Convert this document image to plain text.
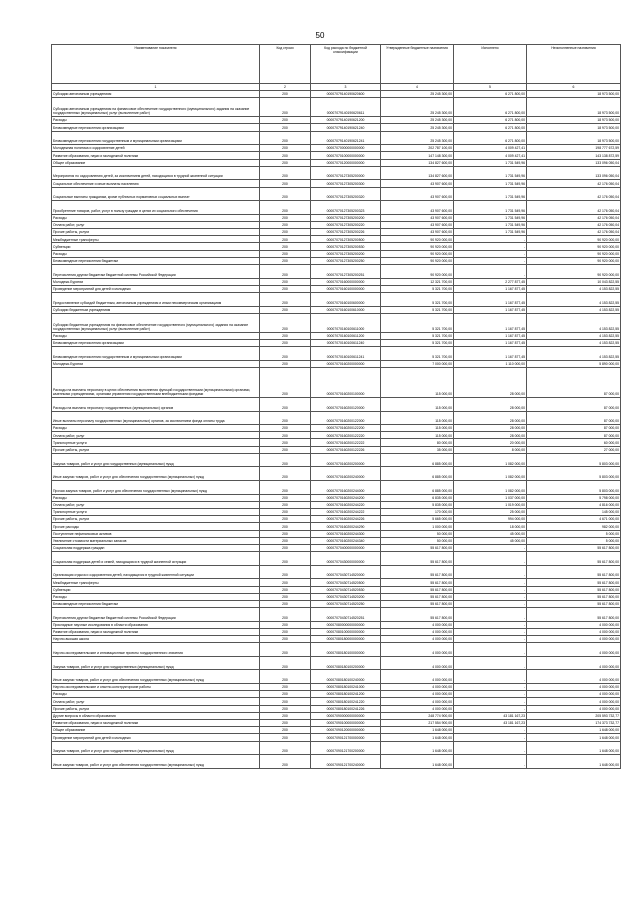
50
Наименование показателя	Код строки	Код расхода по бюджетной классификации	Утвержденные бюджетные назначения	Исполнено	Неисполненные назначения
1	2	3	4	5	6
Субсидии автономным учреждениям	200	00007079140190620600	25 245 300,00	6 271 800,00	18 973 500,00
Субсидии автономным учреждениям на финансовое обеспечение государственного (муниципального) задания на оказание государственных (муниципальных) услуг (выполнение работ)	200	00007079140190620611	25 245 300,00	6 271 800,00	18 973 500,00
Расходы	200	00007079140190621200	25 245 300,00	6 271 800,00	18 973 500,00
Безвозмездные перечисления организациям	200	00007079140190621240	25 245 300,00	6 271 800,00	18 973 500,00
Безвозмездные перечисления государственным и муниципальным организациям	200	00007079140190621241	25 245 300,00	6 271 800,00	18 973 500,00
Молодежная политика и оздоровление детей	200	00007070000000000000	202 787 100,00	4 009 427,41	198 777 672,59
Развитие образования, науки и молодежной политики	200	00007070100000000000	147 148 300,00	4 009 427,41	143 138 872,59
Общее образование	200	00007070120000000000	134 827 600,00	1 731 549,96	133 096 050,04
Мероприятия по оздоровлению детей, за исключением детей, находящихся в трудной жизненной ситуации	200	00007070127305200000	134 827 600,00	1 731 549,96	133 096 050,04
Социальное обеспечение и иные выплаты населению	200	00007070127305200300	43 907 600,00	1 731 549,96	42 176 050,04
Социальные выплаты гражданам, кроме публичных нормативных социальных выплат	200	00007070127305200320	43 907 600,00	1 731 549,96	42 176 050,04
Приобретение товаров, работ, услуг в пользу граждан в целях их социального обеспечения	200	00007070127305200323	43 907 600,00	1 731 549,96	42 176 050,04
Расходы	200	00007070127305200200	43 907 600,00	1 731 549,96	42 176 050,04
Оплата работ, услуг	200	00007070127305200220	43 907 600,00	1 731 549,96	42 176 050,04
Прочие работы, услуги	200	00007070127305200226	43 907 600,00	1 731 549,96	42 176 050,04
Межбюджетные трансферты	200	00007070127305200500	90 920 000,00	-	90 920 000,00
Субвенции	200	00007070127305200530	90 920 000,00	-	90 920 000,00
Расходы	200	00007070127305200200	90 920 000,00	-	90 920 000,00
Безвозмездные перечисления бюджетам	200	00007070127305200250	90 920 000,00	-	90 920 000,00
Перечисления другим бюджетам бюджетной системы Российской Федерации	200	00007070127305200251	90 920 000,00	-	90 920 000,00
Молодежь Бурятии	200	00007070160000000000	12 321 700,00	2 277 877,45	10 043 822,55
Проведение мероприятий для детей и молодежи	200	00007070160100000000	5 321 700,00	1 167 877,45	4 153 822,55
Предоставление субсидий бюджетным, автономным учреждениям и иным некоммерческим организациям	200	00007070160100600000	5 321 700,00	1 167 877,45	4 153 822,55
Субсидии бюджетным учреждениям	200	00007070160100610000	5 321 700,00	1 167 877,45	4 153 822,55
Субсидии бюджетным учреждениям на финансовое обеспечение государственного (муниципального) задания на оказание государственных (муниципальных) услуг (выполнение работ)	200	00007070160100611000	5 321 700,00	1 167 877,45	4 153 822,55
Расходы	200	00007070160100611200	5 321 700,00	1 167 877,45	4 153 822,55
Безвозмездные перечисления организациям	200	00007070160100611240	5 321 700,00	1 167 877,45	4 153 822,55
Безвозмездные перечисления государственным и муниципальным организациям	200	00007070160100611241	5 321 700,00	1 167 877,45	4 153 822,55
Молодежь Бурятии	200	00007070160200000000	7 000 000,00	1 110 000,00	5 890 000,00
Расходы на выплаты персоналу в целях обеспечения выполнения функций государственными (муниципальными) органами, казенными учреждениями, органами управления государственными внебюджетными фондами	200	00007070160200100000	115 000,00	28 000,00	87 000,00
Расходы на выплаты персоналу государственных (муниципальных) органов	200	00007070160200120000	115 000,00	28 000,00	87 000,00
Иные выплаты персоналу государственных (муниципальных) органов, за исключением фонда оплаты труда	200	00007070160200122000	115 000,00	28 000,00	87 000,00
Расходы	200	00007070160200122200	115 000,00	28 000,00	87 000,00
Оплата работ, услуг	200	00007070160200122220	115 000,00	28 000,00	87 000,00
Транспортные услуги	200	00007070160200122222	80 000,00	20 000,00	60 000,00
Прочие работы, услуги	200	00007070160200122226	35 000,00	8 000,00	27 000,00
Закупка товаров, работ и услуг для государственных (муниципальных) нужд	200	00007070160200200000	6 885 000,00	1 082 000,00	5 803 000,00
Иные закупки товаров, работ и услуг для обеспечения государственных (муниципальных) нужд	200	00007070160200240000	6 885 000,00	1 082 000,00	5 803 000,00
Прочая закупка товаров, работ и услуг для обеспечения государственных (муниципальных) нужд	200	00007070160200244000	6 885 000,00	1 082 000,00	5 803 000,00
Расходы	200	00007070160200244200	6 835 000,00	1 037 000,00	5 798 000,00
Оплата работ, услуг	200	00007070160200244220	5 835 000,00	1 019 000,00	4 816 000,00
Транспортные услуги	200	00007070160200244222	170 000,00	25 000,00	145 000,00
Прочие работы, услуги	200	00007070160200244226	5 665 000,00	994 000,00	4 671 000,00
Прочие расходы	200	00007070160200244290	1 000 000,00	18 000,00	982 000,00
Поступление нефинансовых активов	200	00007070160200244300	50 000,00	45 000,00	5 000,00
Увеличение стоимости материальных запасов	200	00007070160200244340	50 000,00	45 000,00	5 000,00
Социальная поддержка граждан	200	00007070400000000000	55 617 800,00	-	55 617 800,00
Социальная поддержка детей и семей, находящихся в трудной жизненной ситуации	200	00007070430000000000	55 617 800,00	-	55 617 800,00
Организация отдыха и оздоровления детей, находящихся в трудной жизненной ситуации	200	00007070430714520000	55 617 800,00	-	55 617 800,00
Межбюджетные трансферты	200	00007070430714520500	55 617 800,00	-	55 617 800,00
Субвенции	200	00007070430714520530	55 617 800,00	-	55 617 800,00
Расходы	200	00007070430714520200	55 617 800,00	-	55 617 800,00
Безвозмездные перечисления бюджетам	200	00007070430714520250	55 617 800,00	-	55 617 800,00
Перечисления другим бюджетам бюджетной системы Российской Федерации	200	00007070430714520251	55 617 800,00	-	55 617 800,00
Прикладные научные исследования в области образования	200	00007080000000000000	4 000 000,00	-	4 000 000,00
Развитие образования, науки и молодежной политики	200	00007080100000000000	4 000 000,00	-	4 000 000,00
Научно-высшая школа	200	00007080180000000000	4 000 000,00	-	4 000 000,00
Научно-исследовательские и инновационные проекты государственного значения	200	00007080180100000000	4 000 000,00	-	4 000 000,00
Закупка товаров, работ и услуг для государственных (муниципальных) нужд	200	00007080180100200000	4 000 000,00	-	4 000 000,00
Иные закупки товаров, работ и услуг для обеспечения государственных (муниципальных) нужд	200	00007080180100240000	4 000 000,00	-	4 000 000,00
Научно-исследовательские и опытно-конструкторские работы	200	00007080180100241000	4 000 000,00	-	4 000 000,00
Расходы	200	00007080180100241200	4 000 000,00	-	4 000 000,00
Оплата работ, услуг	200	00007080180100241220	4 000 000,00	-	4 000 000,00
Прочие работы, услуги	200	00007080180100241226	4 000 000,00	-	4 000 000,00
Другие вопросы в области образования	200	00007090000000000000	248 774 900,00	43 181 167,23	205 593 732,77
Развитие образования, науки и молодежной политики	200	00007090100000000000	217 554 900,00	43 181 167,23	174 373 732,77
Общее образование	200	00007090120000000000	1 648 000,00	-	1 648 000,00
Проведение мероприятий для детей и молодежи	200	00007090121700000000	1 648 000,00	-	1 648 000,00
Закупка товаров, работ и услуг для государственных (муниципальных) нужд	200	00007090121700200000	1 648 000,00	-	1 648 000,00
Иные закупки товаров, работ и услуг для обеспечения государственных (муниципальных) нужд	200	00007090121700240000	1 648 000,00	-	1 648 000,00
